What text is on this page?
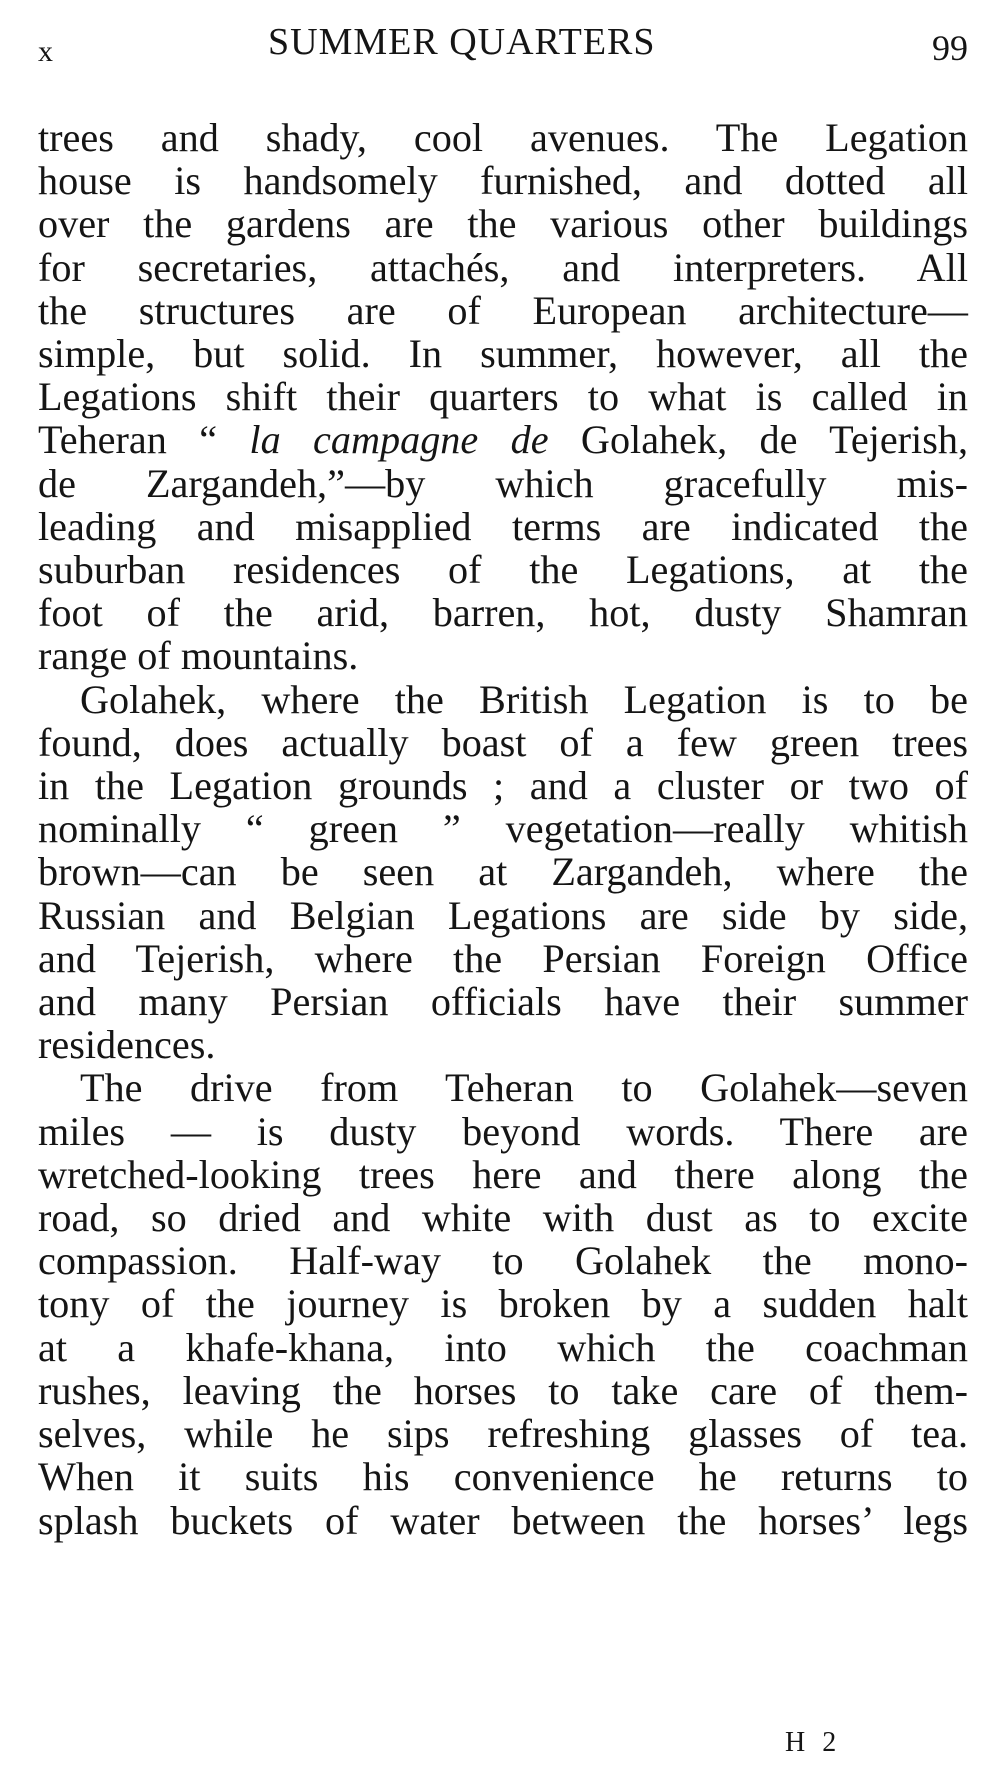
x	SUMMER QUARTERS	99
trees and shady, cool avenues. The Legation
house is handsomely furnished, and dotted all
over the gardens are the various other buildings
for secretaries, attachés, and interpreters. All
the structures are of European architecture—
simple, but solid. In summer, however, all the
Legations shift their quarters to what is called in
Teheran “ la campagne de Golahek, de Tejerish,
de Zargandeh,”—by which gracefully mis-
leading and misapplied terms are indicated the
suburban residences of the Legations, at the
foot of the arid, barren, hot, dusty Shamran
range of mountains.
Golahek, where the British Legation is to be
found, does actually boast of a few green trees
in the Legation grounds ; and a cluster or two of
nominally “ green ” vegetation—really whitish
brown—can be seen at Zargandeh, where the
Russian and Belgian Legations are side by side,
and Tejerish, where the Persian Foreign Office
and many Persian officials have their summer
residences.
The drive from Teheran to Golahek—seven
miles — is dusty beyond words. There are
wretched-looking trees here and there along the
road, so dried and white with dust as to excite
compassion. Half-way to Golahek the mono-
tony of the journey is broken by a sudden halt
at a khafe-khana, into which the coachman
rushes, leaving the horses to take care of them-
selves, while he sips refreshing glasses of tea.
When it suits his convenience he returns to
splash buckets of water between the horses’ legs
H 2
